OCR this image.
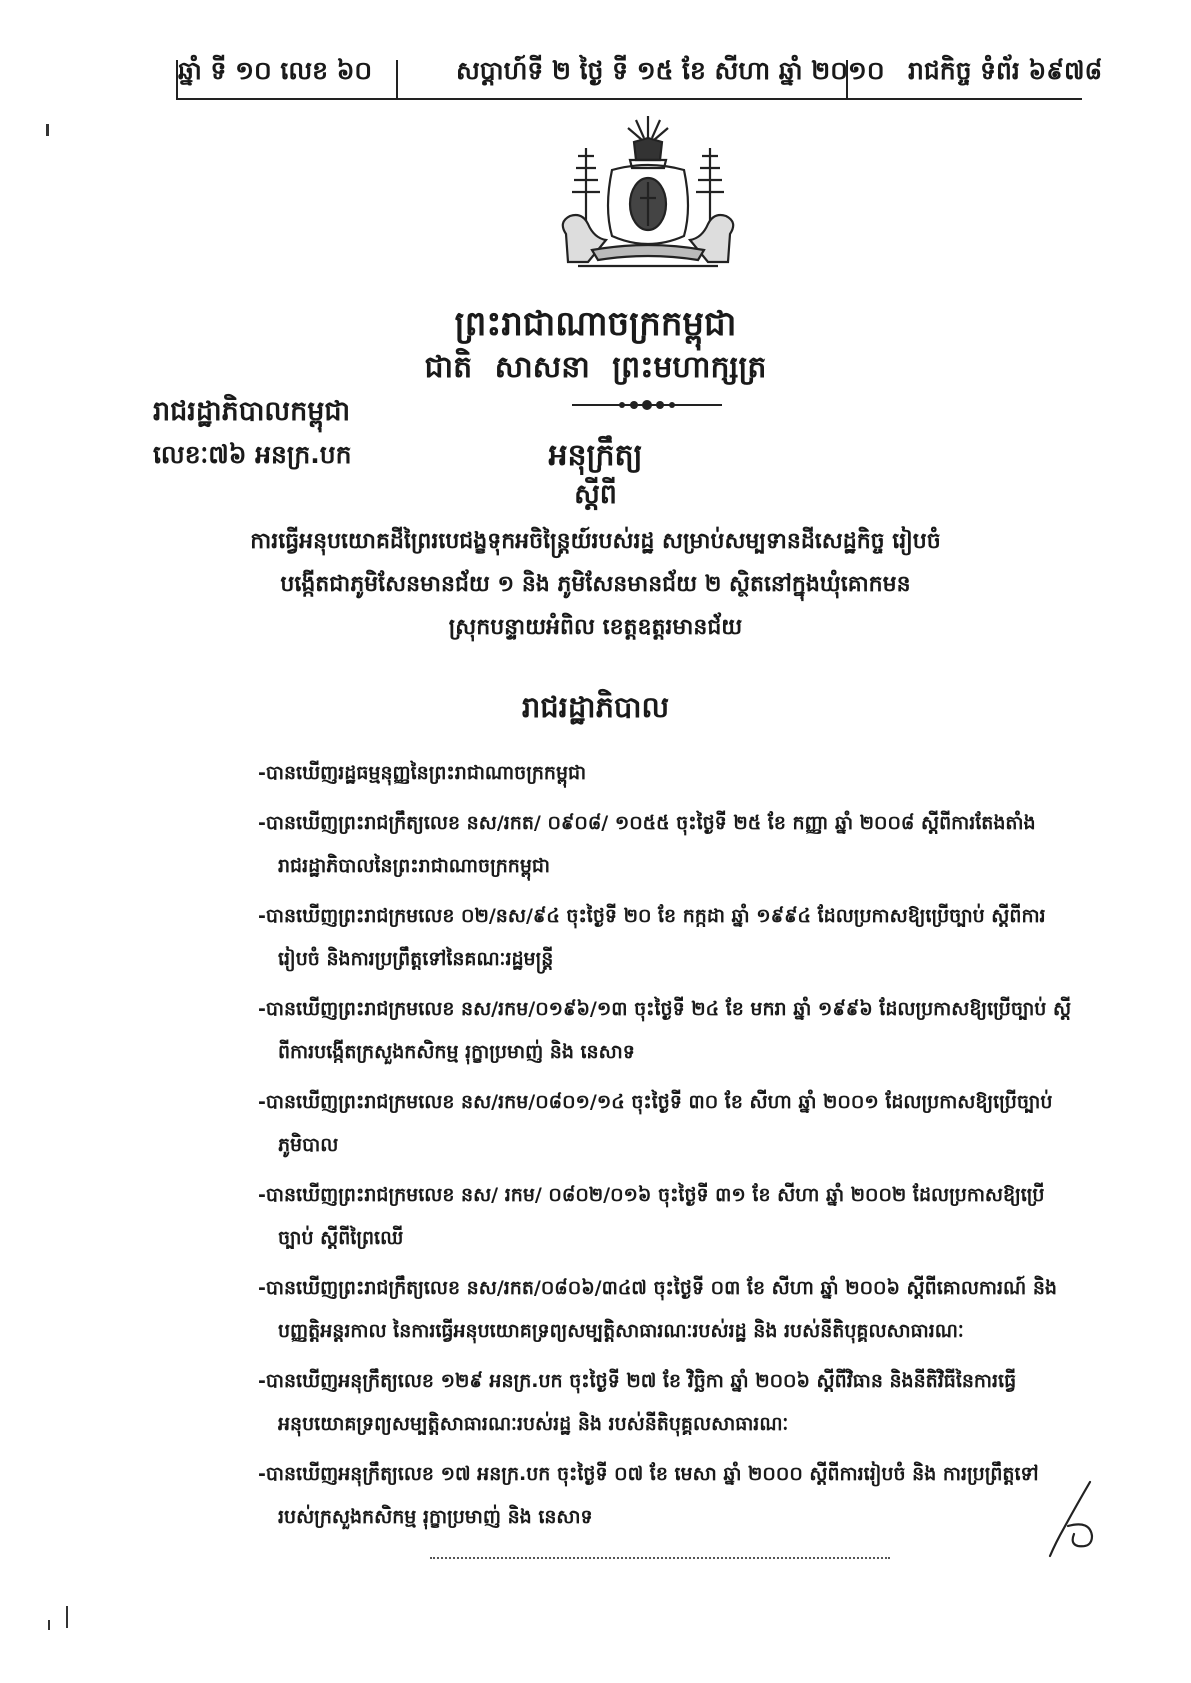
ឆ្នាំ ទី ១០ លេខ ៦០	សប្តាហ៍ទី ២ ថ្ងៃ ទី ១៥ ខែ សីហា ឆ្នាំ ២០១០ រាជកិច្ច ទំព័រ ៦៩៧៨
ព្រះរាជាណាចក្រកម្ពុជា
ជាតិ សាសនា ព្រះមហាក្សត្រ
រាជរដ្ឋាភិបាលកម្ពុជា
លេខៈ៧៦ អនក្រ.បក	អនុក្រឹត្យ
ស្តីពី
ការធ្វើអនុបយោគដីព្រៃរបេជង្ខទុកអចិន្ត្រៃយ៍របស់រដ្ឋ សម្រាប់សម្បទានដីសេដ្ឋកិច្ច រៀបចំ
បង្កើតជាភូមិសែនមានជ័យ ១ និង ភូមិសែនមានជ័យ ២ ស្ថិតនៅក្នុងឃុំគោកមន
ស្រុកបន្ទាយអំពិល ខេត្តឧត្តរមានជ័យ
រាជរដ្ឋាភិបាល
-បានឃើញរដ្ឋធម្មនុញ្ញនៃព្រះរាជាណាចក្រកម្ពុជា
-បានឃើញព្រះរាជក្រឹត្យលេខ នស/រកត/ ០៩០៨/ ១០៥៥ ចុះថ្ងៃទី ២៥ ខែ កញ្ញា ឆ្នាំ ២០០៨ ស្តីពីការតែងតាំង
រាជរដ្ឋាភិបាលនៃព្រះរាជាណាចក្រកម្ពុជា
-បានឃើញព្រះរាជក្រមលេខ ០២/នស/៩៤ ចុះថ្ងៃទី ២០ ខែ កក្កដា ឆ្នាំ ១៩៩៤ ដែលប្រកាសឱ្យប្រើច្បាប់ ស្តីពីការ
រៀបចំ និងការប្រព្រឹត្តទៅនៃគណៈរដ្ឋមន្ត្រី
-បានឃើញព្រះរាជក្រមលេខ នស/រកម/០១៩៦/១៣ ចុះថ្ងៃទី ២៤ ខែ មករា ឆ្នាំ ១៩៩៦ ដែលប្រកាសឱ្យប្រើច្បាប់ ស្តី
ពីការបង្កើតក្រសួងកសិកម្ម រុក្ខាប្រមាញ់ និង នេសាទ
-បានឃើញព្រះរាជក្រមលេខ នស/រកម/០៨០១/១៤ ចុះថ្ងៃទី ៣០ ខែ សីហា ឆ្នាំ ២០០១ ដែលប្រកាសឱ្យប្រើច្បាប់
ភូមិបាល
-បានឃើញព្រះរាជក្រមលេខ នស/ រកម/ ០៨០២/០១៦ ចុះថ្ងៃទី ៣១ ខែ សីហា ឆ្នាំ ២០០២ ដែលប្រកាសឱ្យប្រើ
ច្បាប់ ស្តីពីព្រៃឈើ
-បានឃើញព្រះរាជក្រឹត្យលេខ នស/រកត/០៨០៦/៣៤៧ ចុះថ្ងៃទី ០៣ ខែ សីហា ឆ្នាំ ២០០៦ ស្តីពីគោលការណ៍ និង
បញ្ញត្តិអន្តរកាល នៃការធ្វើអនុបយោគទ្រព្យសម្បត្តិសាធារណៈរបស់រដ្ឋ និង របស់នីតិបុគ្គលសាធារណៈ
-បានឃើញអនុក្រឹត្យលេខ ១២៩ អនក្រ.បក ចុះថ្ងៃទី ២៧ ខែ វិច្ឆិកា ឆ្នាំ ២០០៦ ស្តីពីវិធាន និងនីតិវិធីនៃការធ្វើ
អនុបយោគទ្រព្យសម្បត្តិសាធារណៈរបស់រដ្ឋ និង របស់នីតិបុគ្គលសាធារណៈ
-បានឃើញអនុក្រឹត្យលេខ ១៧ អនក្រ.បក ចុះថ្ងៃទី ០៧ ខែ មេសា ឆ្នាំ ២០០០ ស្តីពីការរៀបចំ និង ការប្រព្រឹត្តទៅ
របស់ក្រសួងកសិកម្ម រុក្ខាប្រមាញ់ និង នេសាទ
